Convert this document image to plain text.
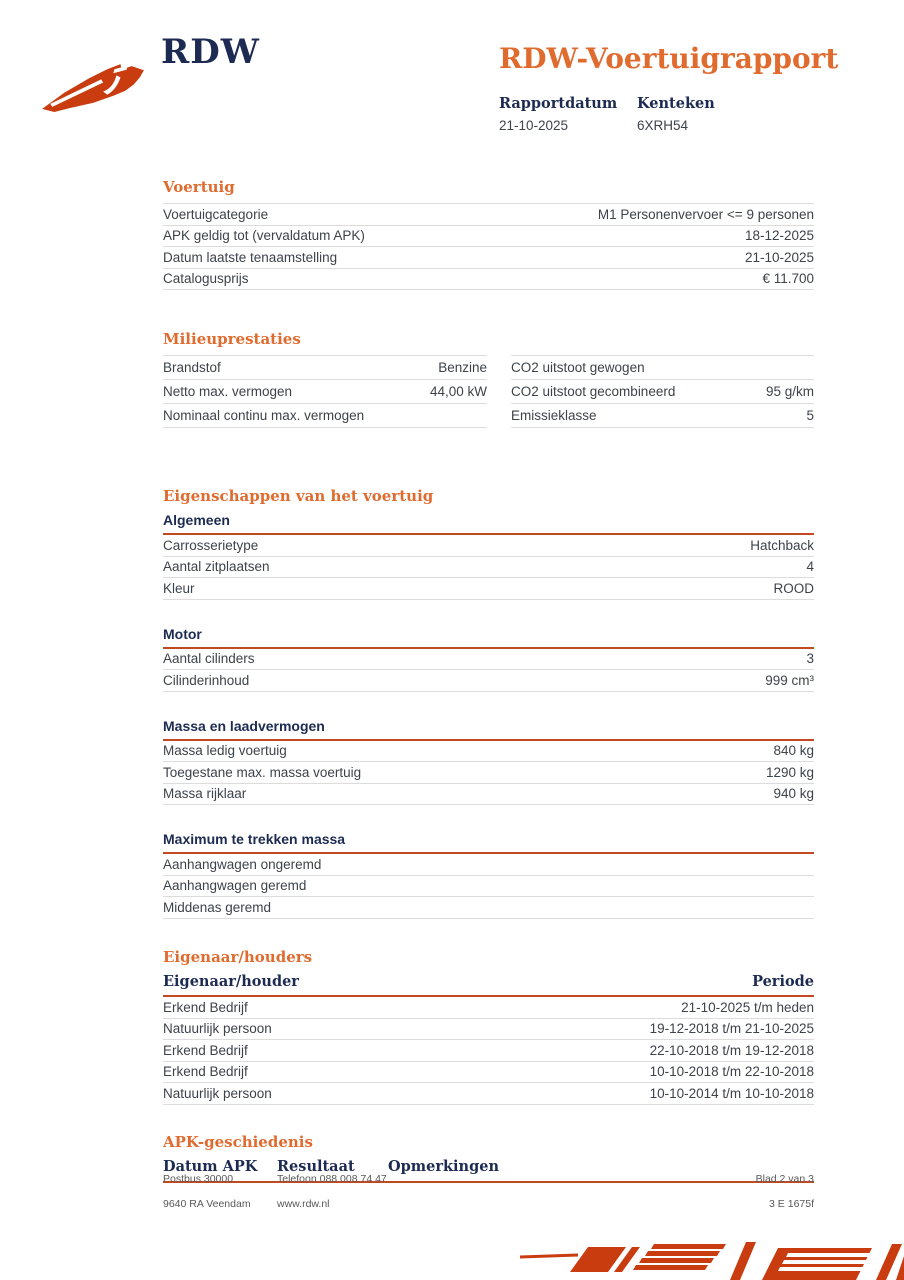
RDW	RDW-Voertuigrapport
Rapportdatum
21-10-2025
Kenteken
6XRH54
Voertuig
Voertuigcategorie	M1 Personenvervoer <= 9 personen
APK geldig tot (vervaldatum APK)	18-12-2025
Datum laatste tenaamstelling	21-10-2025
Catalogusprijs	€ 11.700
Milieuprestaties
Brandstof	Benzine
Netto max. vermogen	44,00 kW
Nominaal continu max. vermogen
CO2 uitstoot gewogen
CO2 uitstoot gecombineerd	95 g/km
Emissieklasse	5
Eigenschappen van het voertuig
Algemeen
Carrosserietype	Hatchback
Aantal zitplaatsen	4
Kleur	ROOD
Motor
Aantal cilinders	3
Cilinderinhoud	999 cm³
Massa en laadvermogen
Massa ledig voertuig	840 kg
Toegestane max. massa voertuig	1290 kg
Massa rijklaar	940 kg
Maximum te trekken massa
Aanhangwagen ongeremd
Aanhangwagen geremd
Middenas geremd
Eigenaar/houders
Eigenaar/houder	Periode
Erkend Bedrijf	21-10-2025 t/m heden
Natuurlijk persoon	19-12-2018 t/m 21-10-2025
Erkend Bedrijf	22-10-2018 t/m 19-12-2018
Erkend Bedrijf	10-10-2018 t/m 22-10-2018
Natuurlijk persoon	10-10-2014 t/m 10-10-2018
APK-geschiedenis
Datum APK	Resultaat	Opmerkingen
Postbus 30000	Telefoon 088 008 74 47	Blad 2 van 3
9640 RA Veendam	www.rdw.nl	3 E 1675f
